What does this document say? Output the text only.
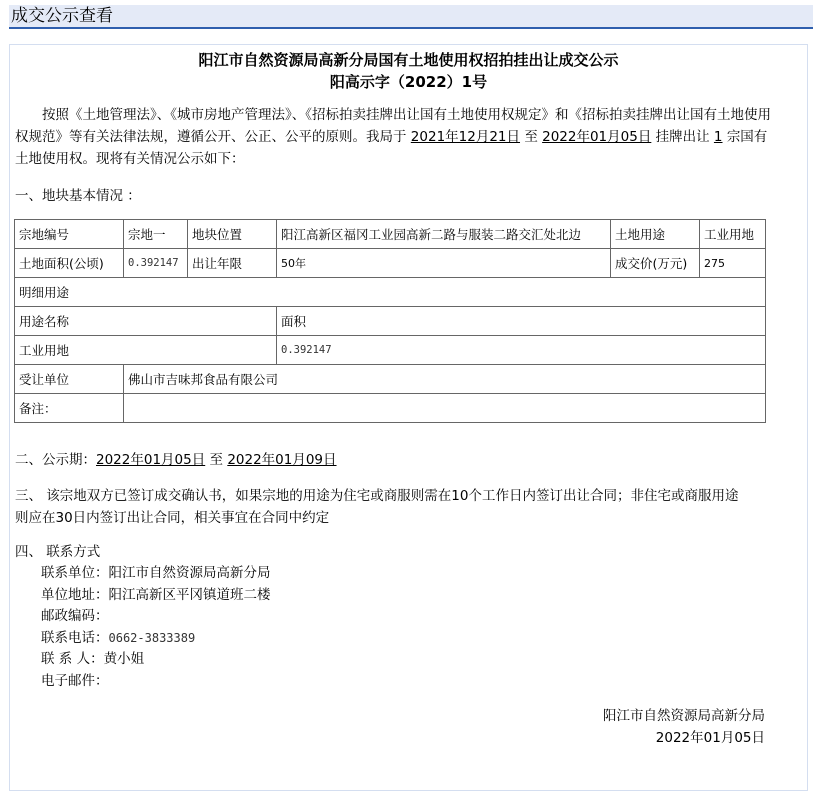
成交公示查看
阳江市自然资源局高新分局国有土地使用权招拍挂出让成交公示
阳高示字（2022）1号
按照《土地管理法》、《城市房地产管理法》、《招标拍卖挂牌出让国有土地使用权规定》和《招标拍卖挂牌出让国有土地使用权规范》等有关法律法规，遵循公开、公正、公平的原则。我局于 2021年12月21日 至 2022年01月05日 挂牌出让 1 宗国有土地使用权。现将有关情况公示如下：
一、地块基本情况 ：
宗地编号	宗地一	地块位置	阳江高新区福冈工业园高新二路与服装二路交汇处北边	土地用途	工业用地
土地面积(公顷)	0.392147	出让年限	50年	成交价(万元)	275
明细用途					
用途名称			面积		
工业用地			0.392147		
受让单位	佛山市吉味邦食品有限公司				
备注：					
二、公示期：2022年01月05日 至 2022年01月09日
三、 该宗地双方已签订成交确认书，如果宗地的用途为住宅或商服则需在10个工作日内签订出让合同；非住宅或商服用途
则应在30日内签订出让合同，相关事宜在合同中约定
四、 联系方式
联系单位：阳江市自然资源局高新分局
单位地址：阳江高新区平冈镇道班二楼
邮政编码：
联系电话：0662-3833389
联 系 人：黄小姐
电子邮件：
阳江市自然资源局高新分局
2022年01月05日
